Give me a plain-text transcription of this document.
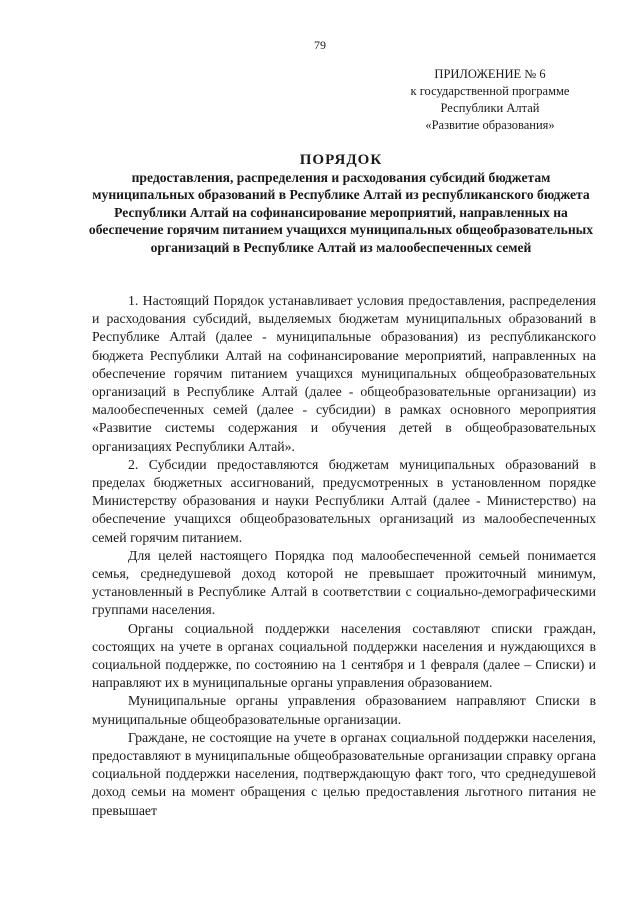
79
ПРИЛОЖЕНИЕ № 6
к государственной программе
Республики Алтай
«Развитие образования»
ПОРЯДОК
предоставления, распределения и расходования субсидий бюджетам муниципальных образований в Республике Алтай из республиканского бюджета Республики Алтай на софинансирование мероприятий, направленных на обеспечение горячим питанием учащихся муниципальных общеобразовательных организаций в Республике Алтай из малообеспеченных семей

1. Настоящий Порядок устанавливает условия предоставления, распределения и расходования субсидий, выделяемых бюджетам муниципальных образований в Республике Алтай (далее - муниципальные образования) из республиканского бюджета Республики Алтай на софинансирование мероприятий, направленных на обеспечение горячим питанием учащихся муниципальных общеобразовательных организаций в Республике Алтай (далее - общеобразовательные организации) из малообеспеченных семей (далее - субсидии) в рамках основного мероприятия «Развитие системы содержания и обучения детей в общеобразовательных организациях Республики Алтай».

2. Субсидии предоставляются бюджетам муниципальных образований в пределах бюджетных ассигнований, предусмотренных в установленном порядке Министерству образования и науки Республики Алтай (далее - Министерство) на обеспечение учащихся общеобразовательных организаций из малообеспеченных семей горячим питанием.

Для целей настоящего Порядка под малообеспеченной семьей понимается семья, среднедушевой доход которой не превышает прожиточный минимум, установленный в Республике Алтай в соответствии с социально-демографическими группами населения.

Органы социальной поддержки населения составляют списки граждан, состоящих на учете в органах социальной поддержки населения и нуждающихся в социальной поддержке, по состоянию на 1 сентября и 1 февраля (далее – Списки) и направляют их в муниципальные органы управления образованием.

Муниципальные органы управления образованием направляют Списки в муниципальные общеобразовательные организации.

Граждане, не состоящие на учете в органах социальной поддержки населения, предоставляют в муниципальные общеобразовательные организации справку органа социальной поддержки населения, подтверждающую факт того, что среднедушевой доход семьи на момент обращения с целью предоставления льготного питания не превышает
